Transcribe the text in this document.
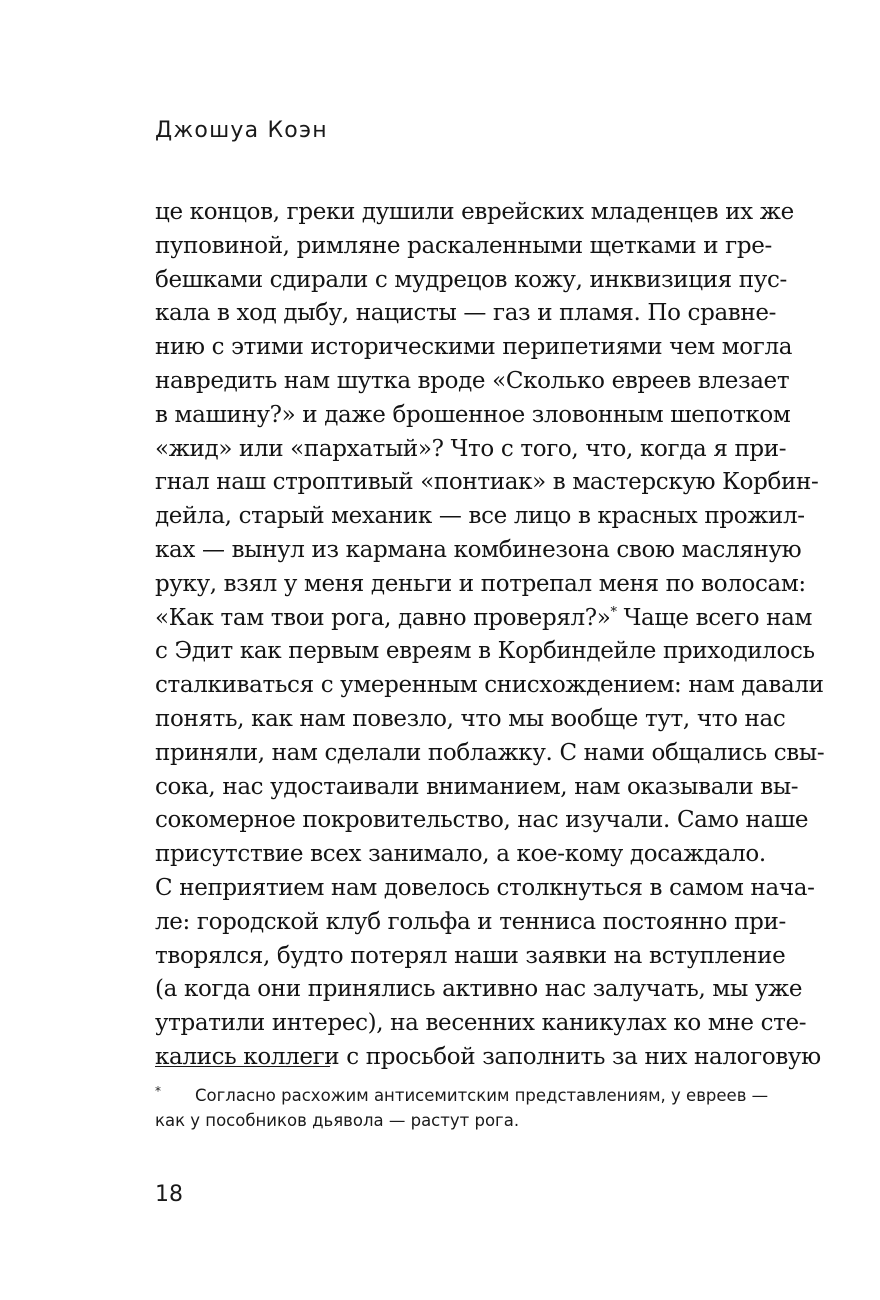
Джошуа Коэн
це концов, греки душили еврейских младенцев их же
пуповиной, римляне раскаленными щетками и гре-
бешками сдирали с мудрецов кожу, инквизиция пус-
кала в ход дыбу, нацисты — газ и пламя. По сравне-
нию с этими историческими перипетиями чем могла
навредить нам шутка вроде «Сколько евреев влезает
в машину?» и даже брошенное зловонным шепотком
«жид» или «пархатый»? Что с того, что, когда я при-
гнал наш строптивый «понтиак» в мастерскую Корбин-
дейла, старый механик — все лицо в красных прожил-
ках — вынул из кармана комбинезона свою масляную
руку, взял у меня деньги и потрепал меня по волосам:
«Как там твои рога, давно проверял?»* Чаще всего нам
с Эдит как первым евреям в Корбиндейле приходилось
сталкиваться с умеренным снисхождением: нам давали
понять, как нам повезло, что мы вообще тут, что нас
приняли, нам сделали поблажку. С нами общались свы-
сока, нас удостаивали вниманием, нам оказывали вы-
сокомерное покровительство, нас изучали. Само наше
присутствие всех занимало, а кое-кому досаждало.
С неприятием нам довелось столкнуться в самом нача-
ле: городской клуб гольфа и тенниса постоянно при-
творялся, будто потерял наши заявки на вступление
(а когда они принялись активно нас залучать, мы уже
утратили интерес), на весенних каникулах ко мне сте-
кались коллеги с просьбой заполнить за них налоговую
* Согласно расхожим антисемитским представлениям, у евреев —
как у пособников дьявола — растут рога.
18
